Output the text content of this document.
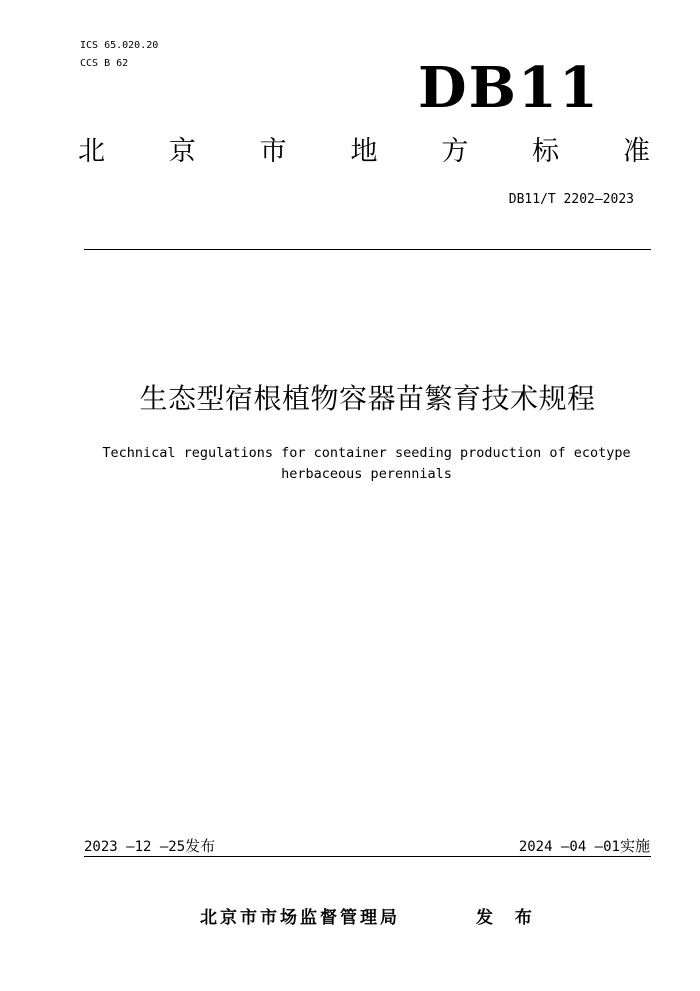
ICS 65.020.20
CCS B 62	DB11
北 京 市 地 方 标 准
DB11/T 2202—2023
生态型宿根植物容器苗繁育技术规程
Technical regulations for container seeding production of ecotype herbaceous perennials
2023 —12 —25发布	2024 —04 —01实施
北京市市场监督管理局	发 布
